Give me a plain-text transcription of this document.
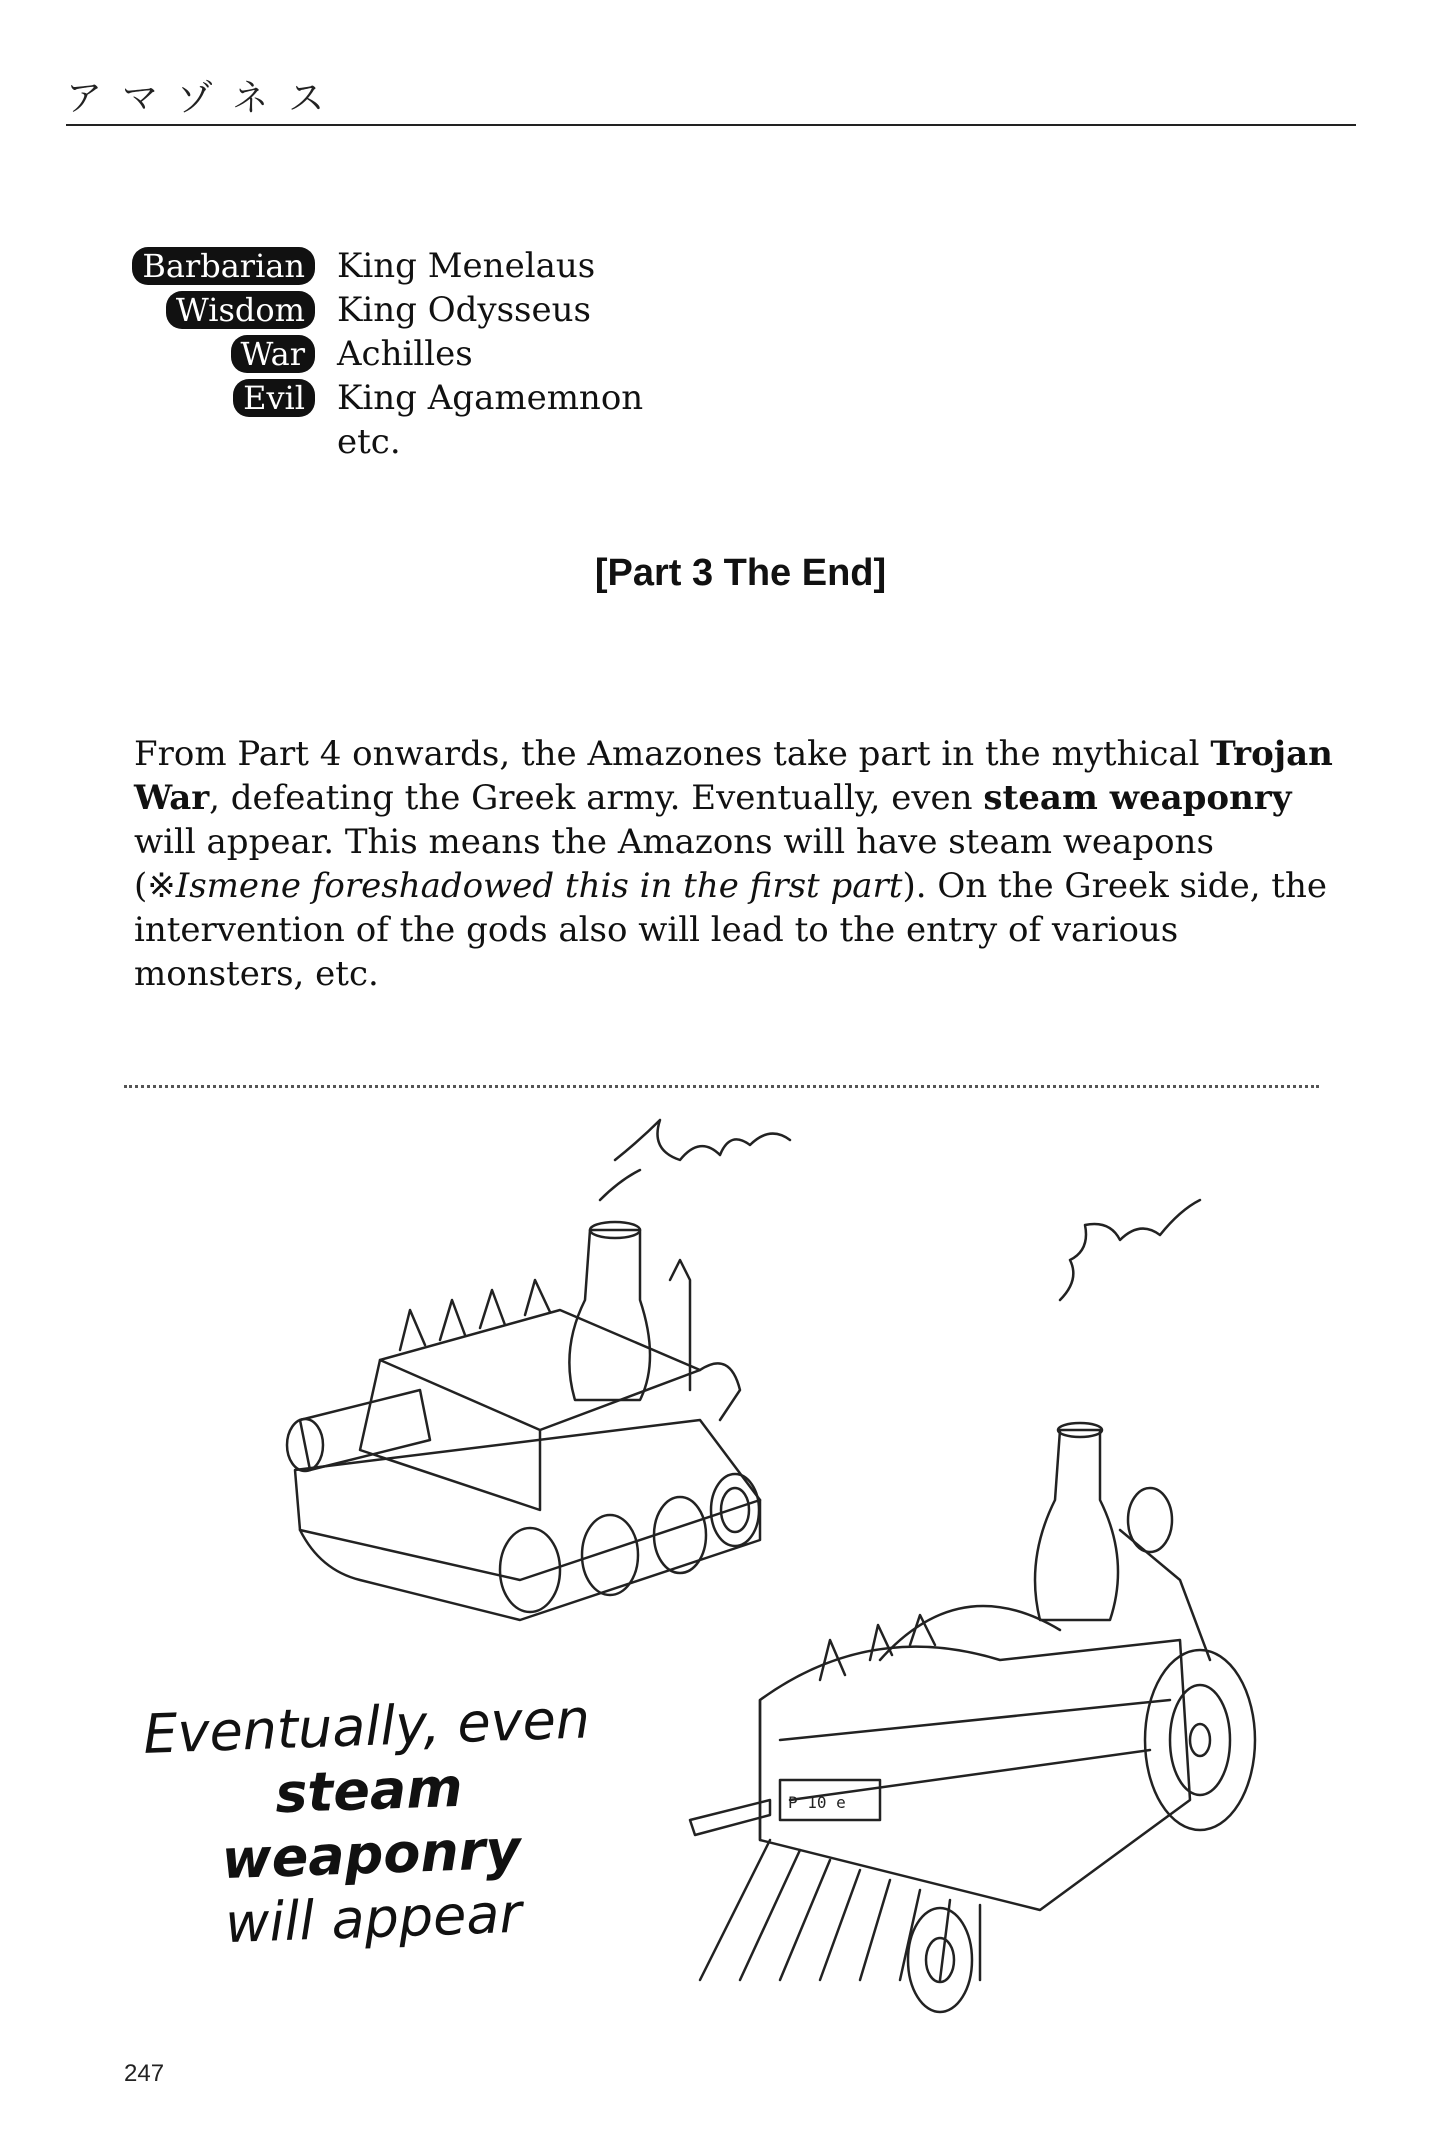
アマゾネス
Barbarian King Menelaus
Wisdom King Odysseus
War Achilles
Evil King Agamemnon
etc.
[Part 3 The End]
From Part 4 onwards, the Amazones take part in the mythical Trojan War, defeating the Greek army. Eventually, even steam weaponry will appear. This means the Amazons will have steam weapons (※Ismene foreshadowed this in the first part). On the Greek side, the intervention of the gods also will lead to the entry of various monsters, etc.
P 10 e
Eventually, even
steam weaponry
will appear
247
